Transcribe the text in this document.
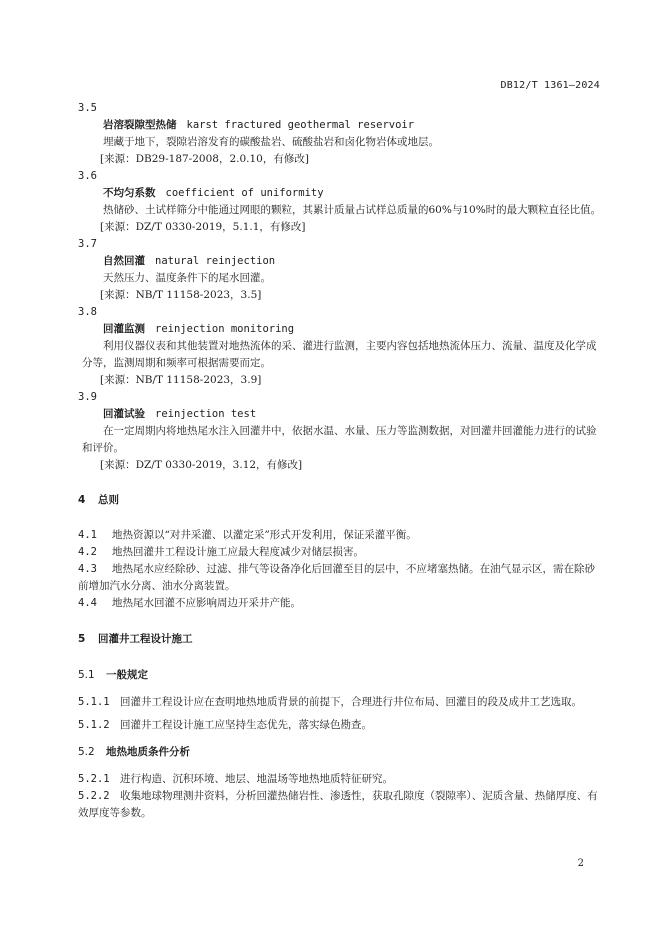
DB12/T 1361—2024
3.5
岩溶裂隙型热储 karst fractured geothermal reservoir
埋藏于地下，裂隙岩溶发育的碳酸盐岩、硫酸盐岩和卤化物岩体或地层。
[来源：DB29-187-2008，2.0.10，有修改]
3.6
不均匀系数 coefficient of uniformity
热储砂、土试样筛分中能通过网眼的颗粒，其累计质量占试样总质量的60%与10%时的最大颗粒直径比值。
[来源：DZ/T 0330-2019，5.1.1，有修改]
3.7
自然回灌 natural reinjection
天然压力、温度条件下的尾水回灌。
[来源：NB/T 11158-2023，3.5]
3.8
回灌监测 reinjection monitoring
利用仪器仪表和其他装置对地热流体的采、灌进行监测，主要内容包括地热流体压力、流量、温度及化学成分等，监测周期和频率可根据需要而定。
[来源：NB/T 11158-2023，3.9]
3.9
回灌试验 reinjection test
在一定周期内将地热尾水注入回灌井中，依据水温、水量、压力等监测数据，对回灌井回灌能力进行的试验和评价。
[来源：DZ/T 0330-2019，3.12，有修改]
4 总则
4.1 地热资源以“对井采灌、以灌定采”形式开发利用，保证采灌平衡。
4.2 地热回灌井工程设计施工应最大程度减少对储层损害。
4.3 地热尾水应经除砂、过滤、排气等设备净化后回灌至目的层中，不应堵塞热储。在油气显示区，需在除砂前增加汽水分离、油水分离装置。
4.4 地热尾水回灌不应影响周边开采井产能。
5 回灌井工程设计施工
5.1 一般规定
5.1.1 回灌井工程设计应在查明地热地质背景的前提下，合理进行井位布局、回灌目的段及成井工艺选取。
5.1.2 回灌井工程设计施工应坚持生态优先，落实绿色勘查。
5.2 地热地质条件分析
5.2.1 进行构造、沉积环境、地层、地温场等地热地质特征研究。
5.2.2 收集地球物理测井资料，分析回灌热储岩性、渗透性，获取孔隙度（裂隙率）、泥质含量、热储厚度、有效厚度等参数。
2
